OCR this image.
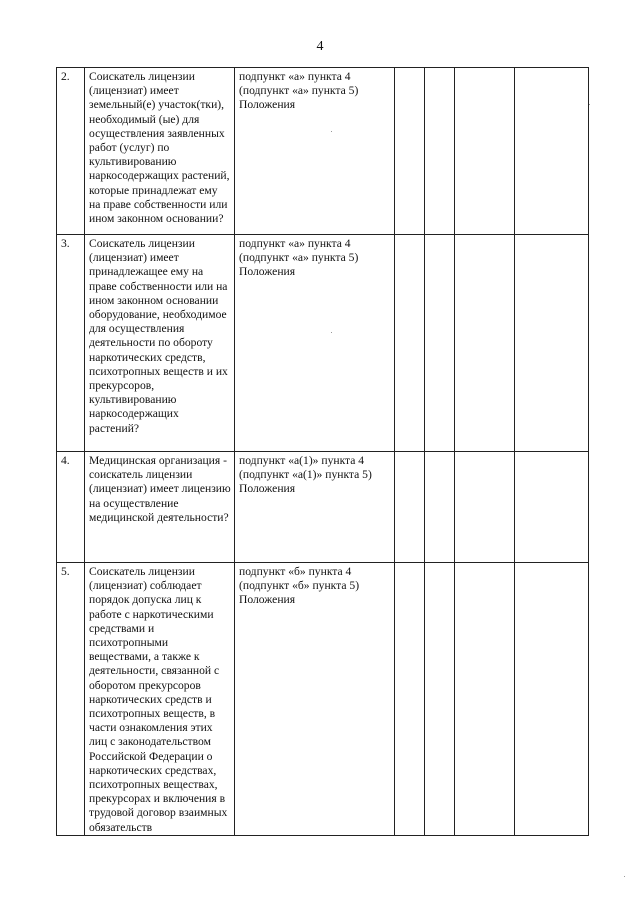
4
2.	Соискатель лицензии (лицензиат) имеет земельный(е) участок(тки), необходимый (ые) для осуществления заявленных работ (услуг) по культивированию наркосодержащих растений, которые принадлежат ему на праве собственности или ином законном основании?	подпункт «а» пункта 4 (подпункт «а» пункта 5) Положения				
3.	Соискатель лицензии (лицензиат) имеет принадлежащее ему на праве собственности или на ином законном основании оборудование, необходимое для осуществления деятельности по обороту наркотических средств, психотропных веществ и их прекурсоров, культивированию наркосодержащих растений?	подпункт «а» пункта 4 (подпункт «а» пункта 5) Положения				
4.	Медицинская организация - соискатель лицензии (лицензиат) имеет лицензию на осуществление медицинской деятельности?	подпункт «а(1)» пункта 4 (подпункт «а(1)» пункта 5) Положения				
5.	Соискатель лицензии (лицензиат) соблюдает порядок допуска лиц к работе с наркотическими средствами и психотропными веществами, а также к деятельности, связанной с оборотом прекурсоров наркотических средств и психотропных веществ, в части ознакомления этих лиц с законодательством Российской Федерации о наркотических средствах, психотропных веществах, прекурсорах и включения в трудовой договор взаимных обязательств	подпункт «б» пункта 4 (подпункт «б» пункта 5) Положения				
